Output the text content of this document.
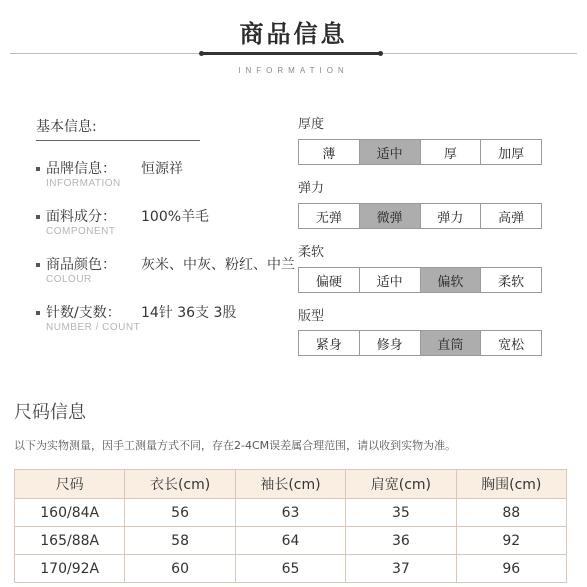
商品信息
INFORMATION
基本信息:
品牌信息： 恒源祥
INFORMATION
面料成分： 100%羊毛
COMPONENT
商品颜色： 灰米、中灰、粉红、中兰
COLOUR
针数/支数： 14针 36支 3股
NUMBER / COUNT
厚度
薄	适中	厚	加厚
弹力
无弹	微弹	弹力	高弹
柔软
偏硬	适中	偏软	柔软
版型
紧身	修身	直筒	宽松
尺码信息
以下为实物测量，因手工测量方式不同，存在2-4CM误差属合理范围，请以收到实物为准。
尺码	衣长(cm)	袖长(cm)	肩宽(cm)	胸围(cm)
160/84A	56	63	35	88
165/88A	58	64	36	92
170/92A	60	65	37	96
